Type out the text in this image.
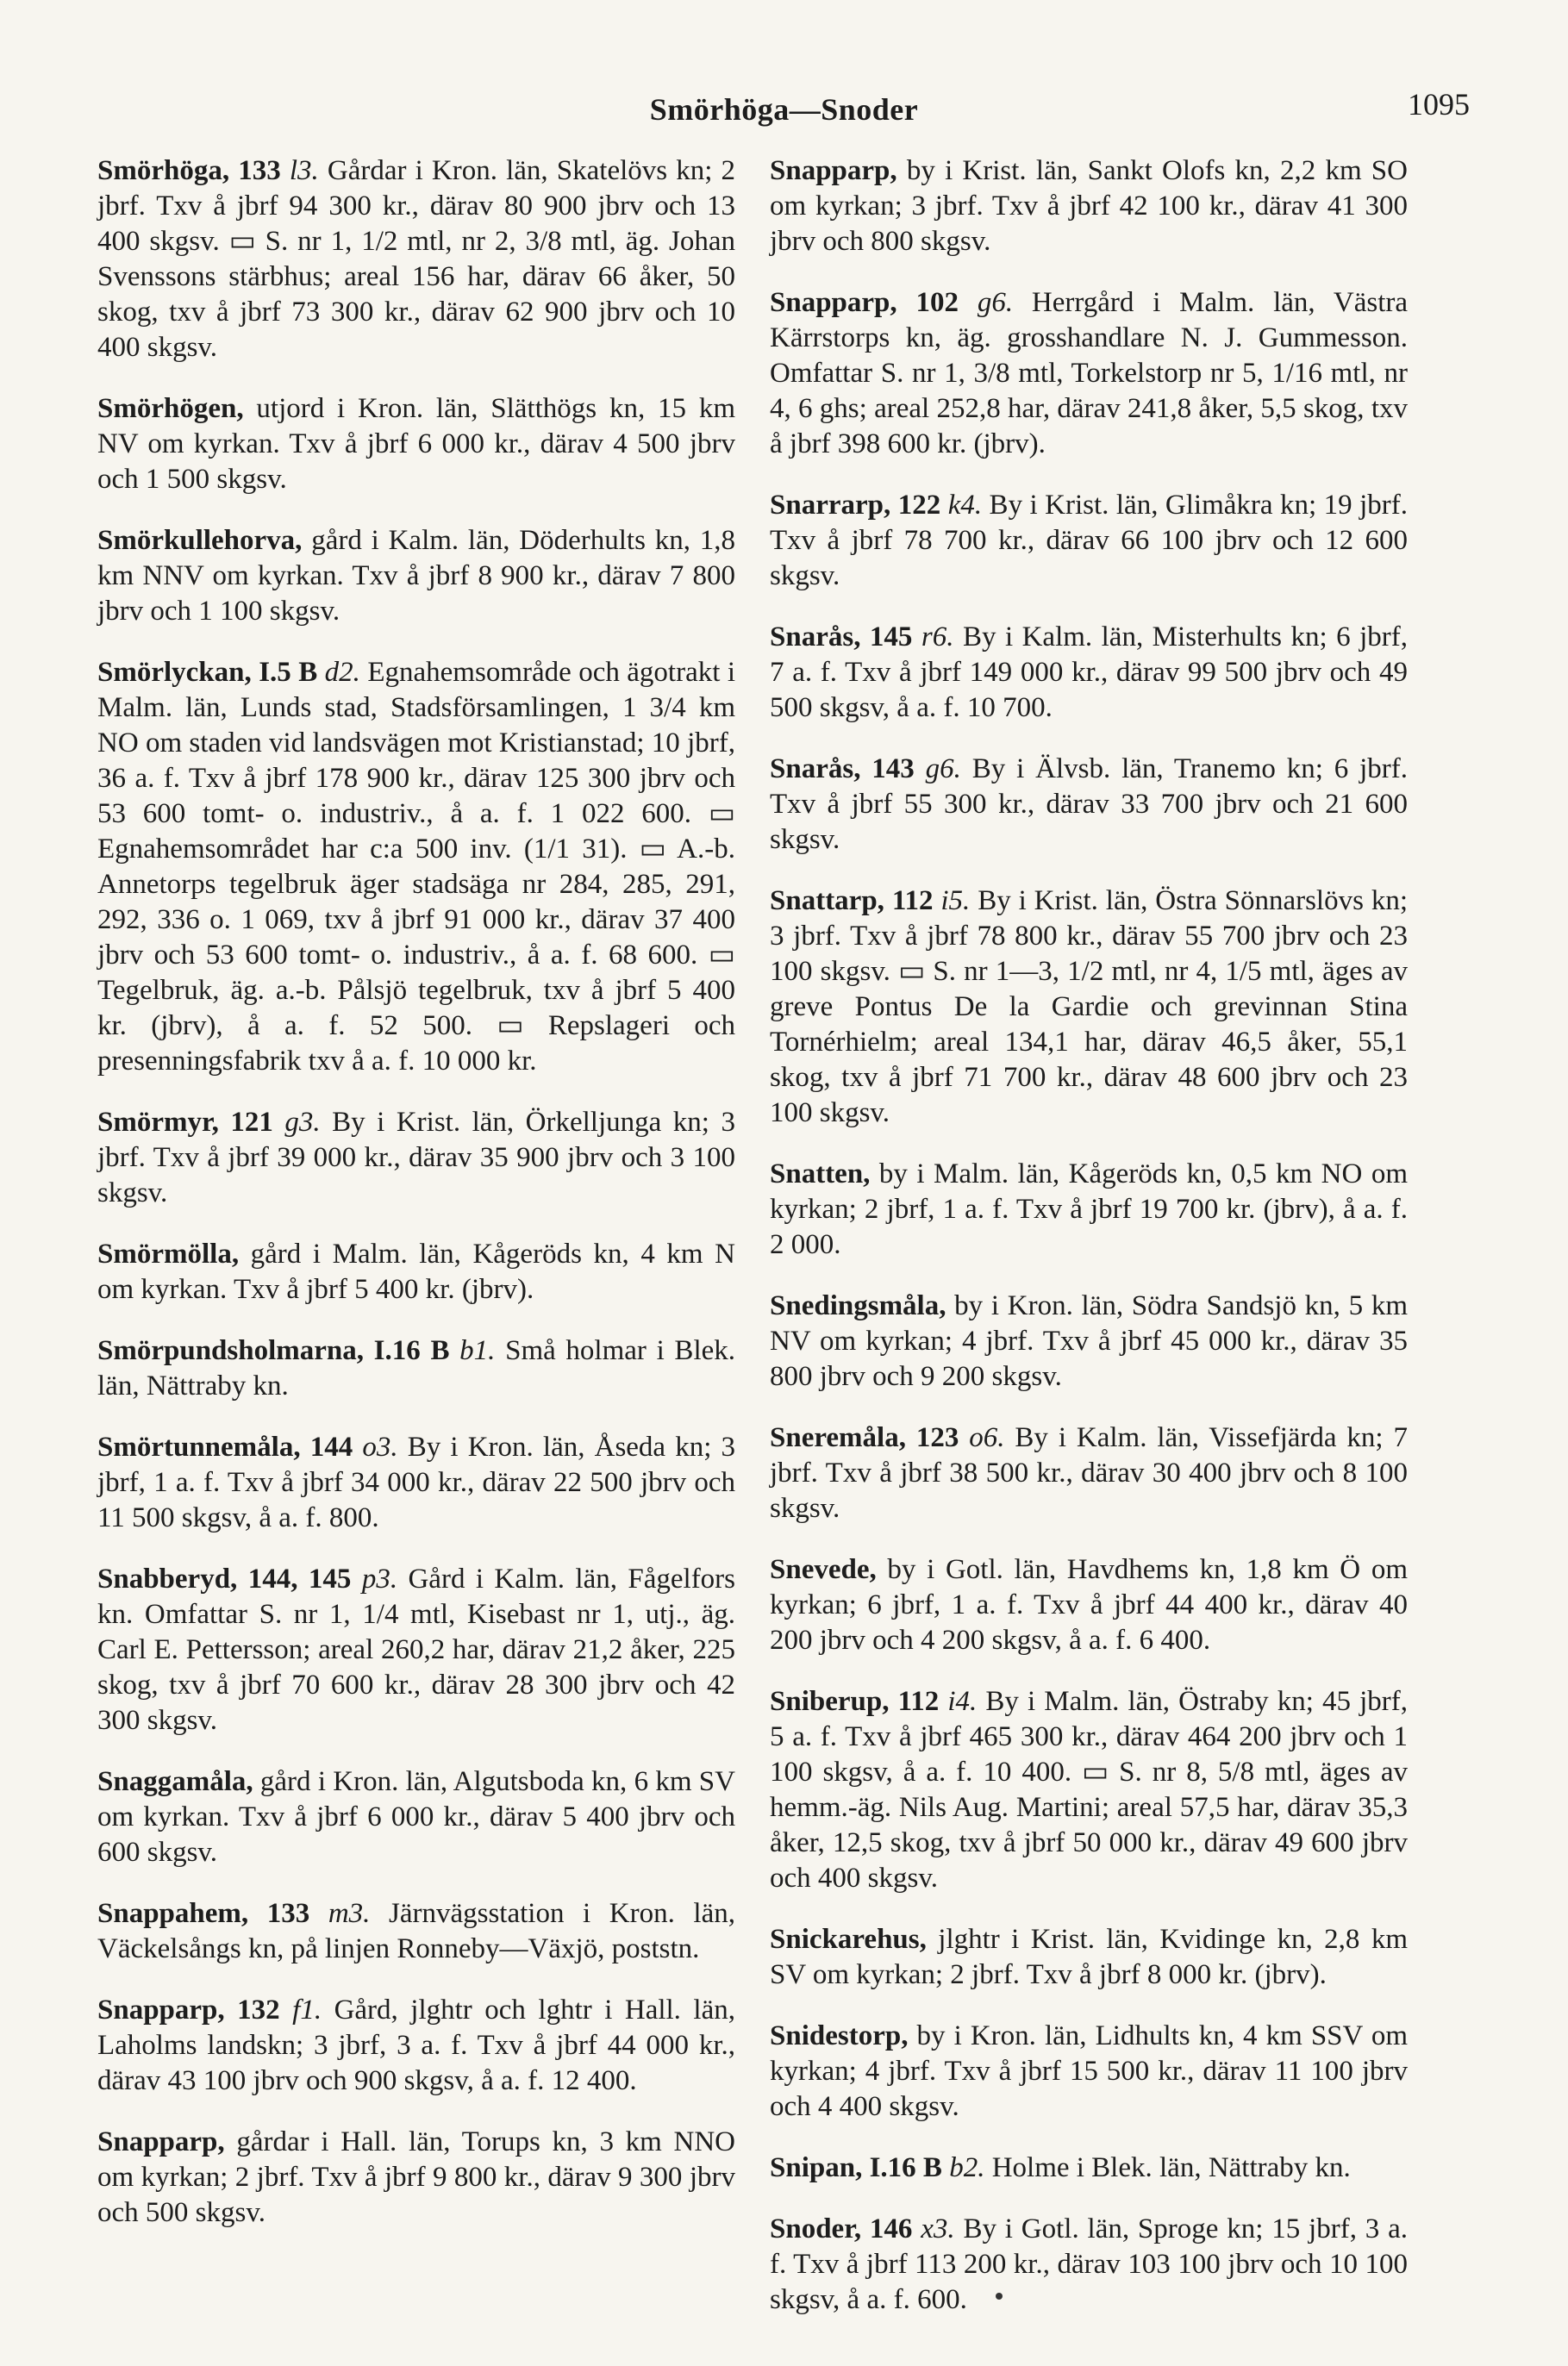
Smörhöga—Snoder	1095

Smörhöga, 133 l3. Gårdar i Kron. län, Skatelövs kn; 2 jbrf. Txv å jbrf 94 300 kr., därav 80 900 jbrv och 13 400 skgsv. ▭ S. nr 1, 1/2 mtl, nr 2, 3/8 mtl, äg. Johan Svenssons stärbhus; areal 156 har, därav 66 åker, 50 skog, txv å jbrf 73 300 kr., därav 62 900 jbrv och 10 400 skgsv.

Smörhögen, utjord i Kron. län, Slätthögs kn, 15 km NV om kyrkan. Txv å jbrf 6 000 kr., därav 4 500 jbrv och 1 500 skgsv.

Smörkullehorva, gård i Kalm. län, Döderhults kn, 1,8 km NNV om kyrkan. Txv å jbrf 8 900 kr., därav 7 800 jbrv och 1 100 skgsv.

Smörlyckan, I.5 B d2. Egnahemsområde och ägotrakt i Malm. län, Lunds stad, Stadsförsamlingen, 1 3/4 km NO om staden vid landsvägen mot Kristianstad; 10 jbrf, 36 a. f. Txv å jbrf 178 900 kr., därav 125 300 jbrv och 53 600 tomt- o. industriv., å a. f. 1 022 600. ▭ Egnahemsområdet har c:a 500 inv. (1/1 31). ▭ A.-b. Annetorps tegelbruk äger stadsäga nr 284, 285, 291, 292, 336 o. 1 069, txv å jbrf 91 000 kr., därav 37 400 jbrv och 53 600 tomt- o. industriv., å a. f. 68 600. ▭ Tegelbruk, äg. a.-b. Pålsjö tegelbruk, txv å jbrf 5 400 kr. (jbrv), å a. f. 52 500. ▭ Repslageri och presenningsfabrik txv å a. f. 10 000 kr.

Smörmyr, 121 g3. By i Krist. län, Örkelljunga kn; 3 jbrf. Txv å jbrf 39 000 kr., därav 35 900 jbrv och 3 100 skgsv.

Smörmölla, gård i Malm. län, Kågeröds kn, 4 km N om kyrkan. Txv å jbrf 5 400 kr. (jbrv).

Smörpundsholmarna, I.16 B b1. Små holmar i Blek. län, Nättraby kn.

Smörtunnemåla, 144 o3. By i Kron. län, Åseda kn; 3 jbrf, 1 a. f. Txv å jbrf 34 000 kr., därav 22 500 jbrv och 11 500 skgsv, å a. f. 800.

Snabberyd, 144, 145 p3. Gård i Kalm. län, Fågelfors kn. Omfattar S. nr 1, 1/4 mtl, Kisebast nr 1, utj., äg. Carl E. Pettersson; areal 260,2 har, därav 21,2 åker, 225 skog, txv å jbrf 70 600 kr., därav 28 300 jbrv och 42 300 skgsv.

Snaggamåla, gård i Kron. län, Algutsboda kn, 6 km SV om kyrkan. Txv å jbrf 6 000 kr., därav 5 400 jbrv och 600 skgsv.

Snappahem, 133 m3. Järnvägsstation i Kron. län, Väckelsångs kn, på linjen Ronneby—Växjö, poststn.

Snapparp, 132 f1. Gård, jlghtr och lghtr i Hall. län, Laholms landskn; 3 jbrf, 3 a. f. Txv å jbrf 44 000 kr., därav 43 100 jbrv och 900 skgsv, å a. f. 12 400.

Snapparp, gårdar i Hall. län, Torups kn, 3 km NNO om kyrkan; 2 jbrf. Txv å jbrf 9 800 kr., därav 9 300 jbrv och 500 skgsv.

Snapparp, by i Krist. län, Sankt Olofs kn, 2,2 km SO om kyrkan; 3 jbrf. Txv å jbrf 42 100 kr., därav 41 300 jbrv och 800 skgsv.

Snapparp, 102 g6. Herrgård i Malm. län, Västra Kärrstorps kn, äg. grosshandlare N. J. Gummesson. Omfattar S. nr 1, 3/8 mtl, Torkelstorp nr 5, 1/16 mtl, nr 4, 6 ghs; areal 252,8 har, därav 241,8 åker, 5,5 skog, txv å jbrf 398 600 kr. (jbrv).

Snarrarp, 122 k4. By i Krist. län, Glimåkra kn; 19 jbrf. Txv å jbrf 78 700 kr., därav 66 100 jbrv och 12 600 skgsv.

Snarås, 145 r6. By i Kalm. län, Misterhults kn; 6 jbrf, 7 a. f. Txv å jbrf 149 000 kr., därav 99 500 jbrv och 49 500 skgsv, å a. f. 10 700.

Snarås, 143 g6. By i Älvsb. län, Tranemo kn; 6 jbrf. Txv å jbrf 55 300 kr., därav 33 700 jbrv och 21 600 skgsv.

Snattarp, 112 i5. By i Krist. län, Östra Sönnarslövs kn; 3 jbrf. Txv å jbrf 78 800 kr., därav 55 700 jbrv och 23 100 skgsv. ▭ S. nr 1—3, 1/2 mtl, nr 4, 1/5 mtl, äges av greve Pontus De la Gardie och grevinnan Stina Tornérhielm; areal 134,1 har, därav 46,5 åker, 55,1 skog, txv å jbrf 71 700 kr., därav 48 600 jbrv och 23 100 skgsv.

Snatten, by i Malm. län, Kågeröds kn, 0,5 km NO om kyrkan; 2 jbrf, 1 a. f. Txv å jbrf 19 700 kr. (jbrv), å a. f. 2 000.

Snedingsmåla, by i Kron. län, Södra Sandsjö kn, 5 km NV om kyrkan; 4 jbrf. Txv å jbrf 45 000 kr., därav 35 800 jbrv och 9 200 skgsv.

Sneremåla, 123 o6. By i Kalm. län, Vissefjärda kn; 7 jbrf. Txv å jbrf 38 500 kr., därav 30 400 jbrv och 8 100 skgsv.

Snevede, by i Gotl. län, Havdhems kn, 1,8 km Ö om kyrkan; 6 jbrf, 1 a. f. Txv å jbrf 44 400 kr., därav 40 200 jbrv och 4 200 skgsv, å a. f. 6 400.

Sniberup, 112 i4. By i Malm. län, Östraby kn; 45 jbrf, 5 a. f. Txv å jbrf 465 300 kr., därav 464 200 jbrv och 1 100 skgsv, å a. f. 10 400. ▭ S. nr 8, 5/8 mtl, äges av hemm.-äg. Nils Aug. Martini; areal 57,5 har, därav 35,3 åker, 12,5 skog, txv å jbrf 50 000 kr., därav 49 600 jbrv och 400 skgsv.

Snickarehus, jlghtr i Krist. län, Kvidinge kn, 2,8 km SV om kyrkan; 2 jbrf. Txv å jbrf 8 000 kr. (jbrv).

Snidestorp, by i Kron. län, Lidhults kn, 4 km SSV om kyrkan; 4 jbrf. Txv å jbrf 15 500 kr., därav 11 100 jbrv och 4 400 skgsv.

Snipan, I.16 B b2. Holme i Blek. län, Nättraby kn.

Snoder, 146 x3. By i Gotl. län, Sproge kn; 15 jbrf, 3 a. f. Txv å jbrf 113 200 kr., därav 103 100 jbrv och 10 100 skgsv, å a. f. 600.
